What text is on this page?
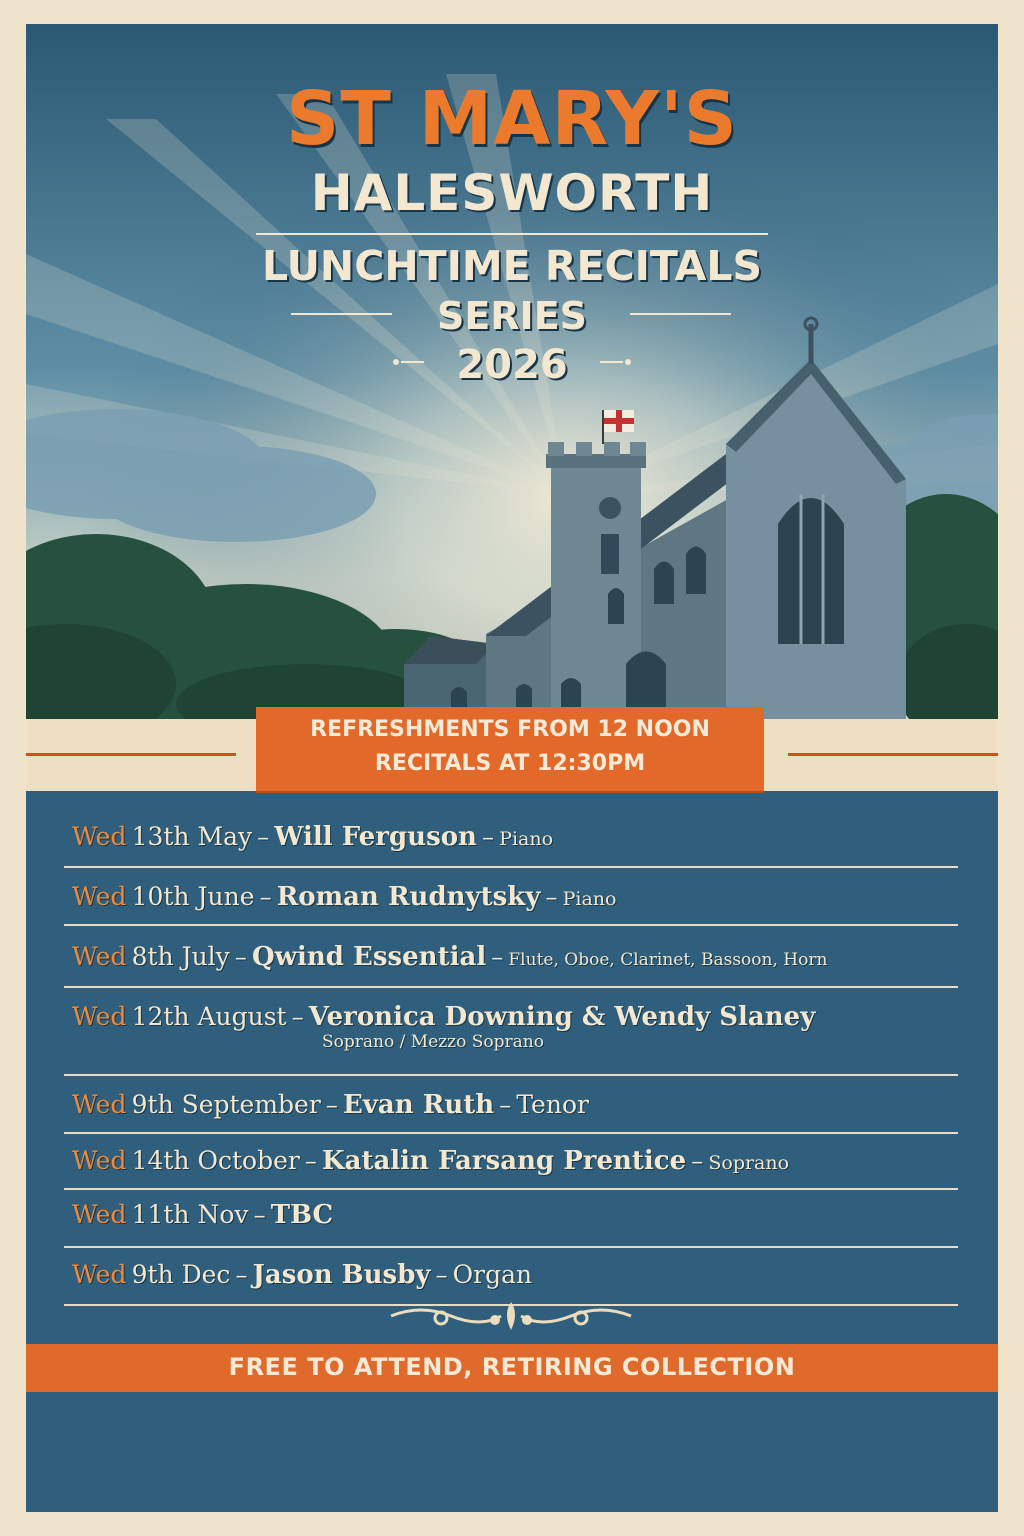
ST MARY'S
HALESWORTH
LUNCHTIME RECITALS
SERIES
2026
REFRESHMENTS FROM 12 NOON
RECITALS AT 12:30PM
Wed 13th May – Will Ferguson – Piano
Wed 10th June – Roman Rudnytsky – Piano
Wed 8th July – Qwind Essential – Flute, Oboe, Clarinet, Bassoon, Horn
Wed 12th August – Veronica Downing & Wendy Slaney
Soprano / Mezzo Soprano
Wed 9th September – Evan Ruth – Tenor
Wed 14th October – Katalin Farsang Prentice – Soprano
Wed 11th Nov – TBC
Wed 9th Dec – Jason Busby – Organ
FREE TO ATTEND, RETIRING COLLECTION
